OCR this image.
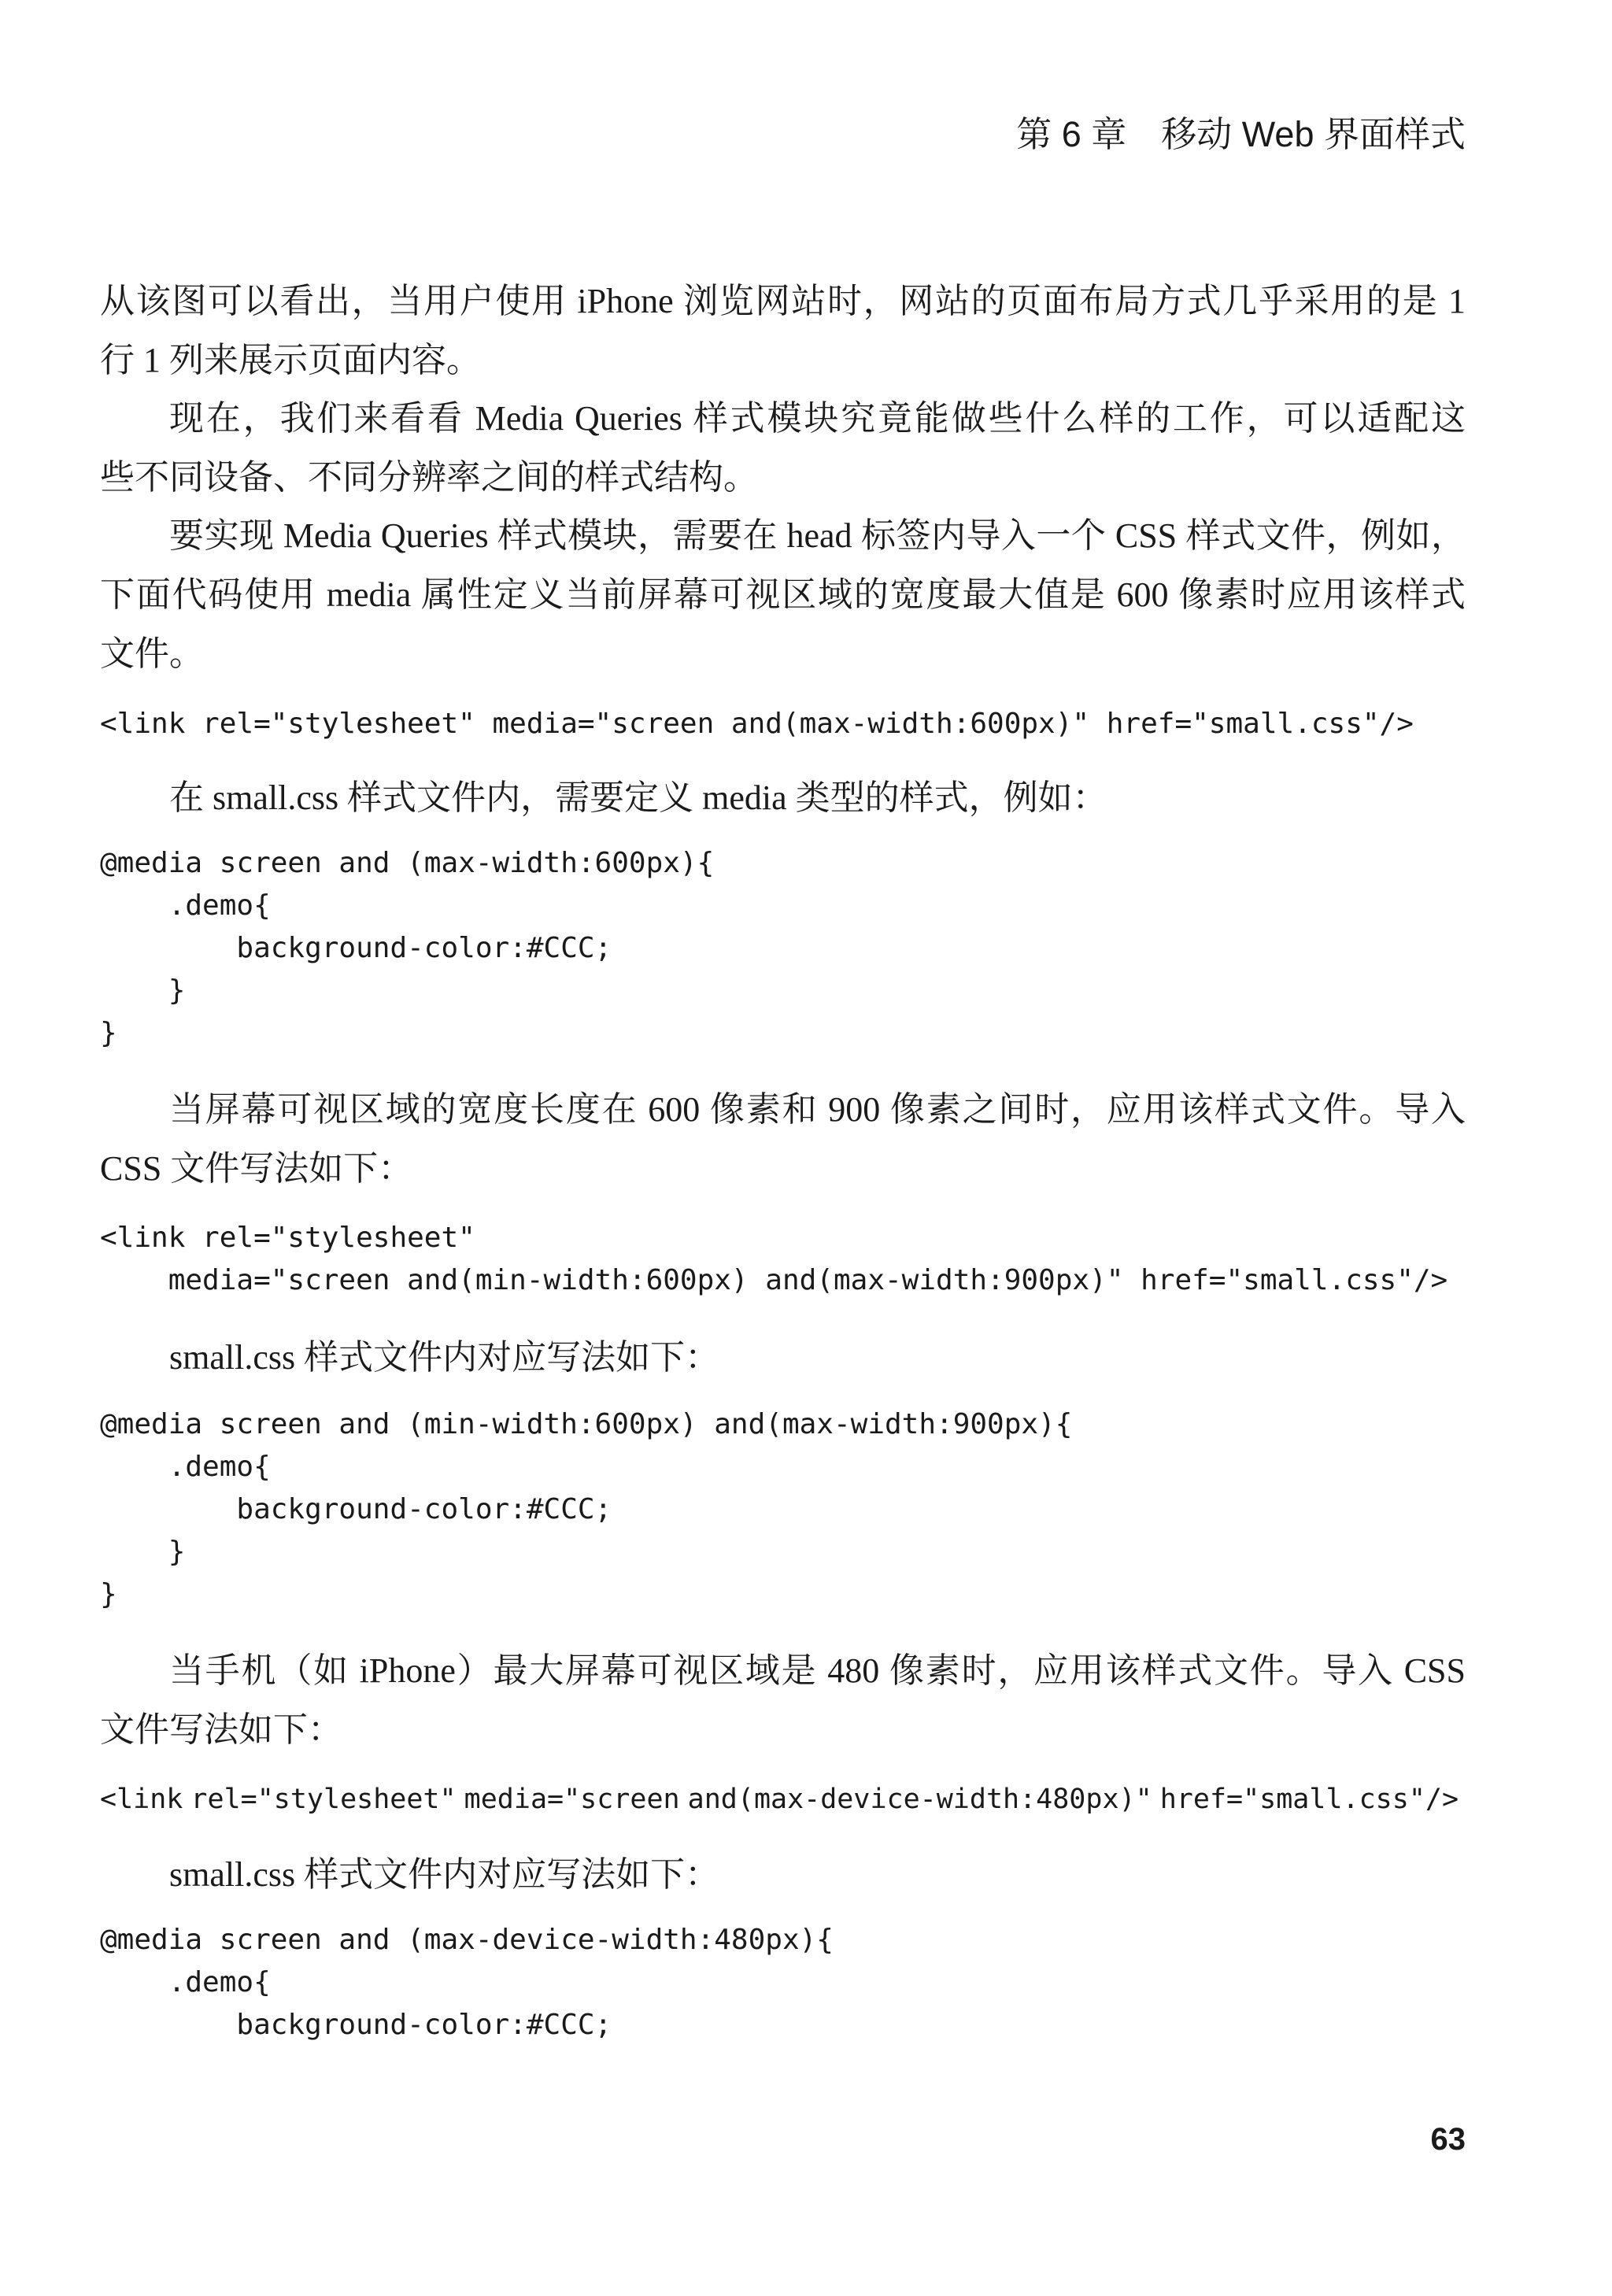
第 6 章 移动 Web 界面样式
从该图可以看出，当用户使用 iPhone 浏览网站时，网站的页面布局方式几乎采用的是 1
行 1 列来展示页面内容。
现在，我们来看看 Media Queries 样式模块究竟能做些什么样的工作，可以适配这
些不同设备、不同分辨率之间的样式结构。
要实现 Media Queries 样式模块，需要在 head 标签内导入一个 CSS 样式文件，例如，
下面代码使用 media 属性定义当前屏幕可视区域的宽度最大值是 600 像素时应用该样式
文件。
<link rel="stylesheet" media="screen and(max-width:600px)" href="small.css"/>
在 small.css 样式文件内，需要定义 media 类型的样式，例如：
@media screen and (max-width:600px){
.demo{
background-color:#CCC;
}
}
当屏幕可视区域的宽度长度在 600 像素和 900 像素之间时，应用该样式文件。导入
CSS 文件写法如下：
<link rel="stylesheet"
media="screen and(min-width:600px) and(max-width:900px)" href="small.css"/>
small.css 样式文件内对应写法如下：
@media screen and (min-width:600px) and(max-width:900px){
.demo{
background-color:#CCC;
}
}
当手机（如 iPhone）最大屏幕可视区域是 480 像素时，应用该样式文件。导入 CSS
文件写法如下：
<link rel="stylesheet" media="screen and(max-device-width:480px)" href="small.css"/>
small.css 样式文件内对应写法如下：
@media screen and (max-device-width:480px){
.demo{
background-color:#CCC;
63
